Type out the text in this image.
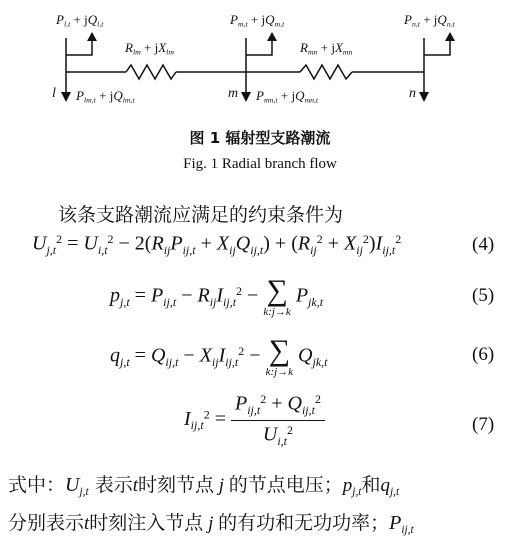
$P_{l,t} + jQ_{l,t}$	$P_{m,t} + jQ_{m,t}$	$P_{n,t} + jQ_{n,t}$
$R_{lm} + jX_{lm}$	$R_{mn} + jX_{mn}$
l	m	n
$P_{lm,t} + jQ_{lm,t}$	$P_{mn,t} + jQ_{mn,t}$
图 1 辐射型支路潮流
Fig. 1 Radial branch flow
该条支路潮流应满足的约束条件为
$U_{j,t}^2 = U_{i,t}^2 - 2(R_{ij}P_{ij,t} + X_{ij}Q_{ij,t}) + (R_{ij}^2 + X_{ij}^2)I_{ij,t}^2$	(4)
$p_{j,t} = P_{ij,t} - R_{ij}I_{ij,t}^2$ − ∑
k:j→k
$P_{jk,t}$	(5)
$q_{j,t} = Q_{ij,t} - X_{ij}I_{ij,t}^2$ − ∑
k:j→k
$Q_{jk,t}$	(6)
$I_{ij,t}^2 = \frac{P_{ij,t}^2 + Q_{ij,t}^2}{U_{i,t}^2}$	(7)
式中：$U_{j,t}$ 表示t时刻节点 j 的节点电压；$p_{j,t}$和$q_{j,t}$
分别表示t时刻注入节点 j 的有功和无功功率；$P_{ij,t}$
